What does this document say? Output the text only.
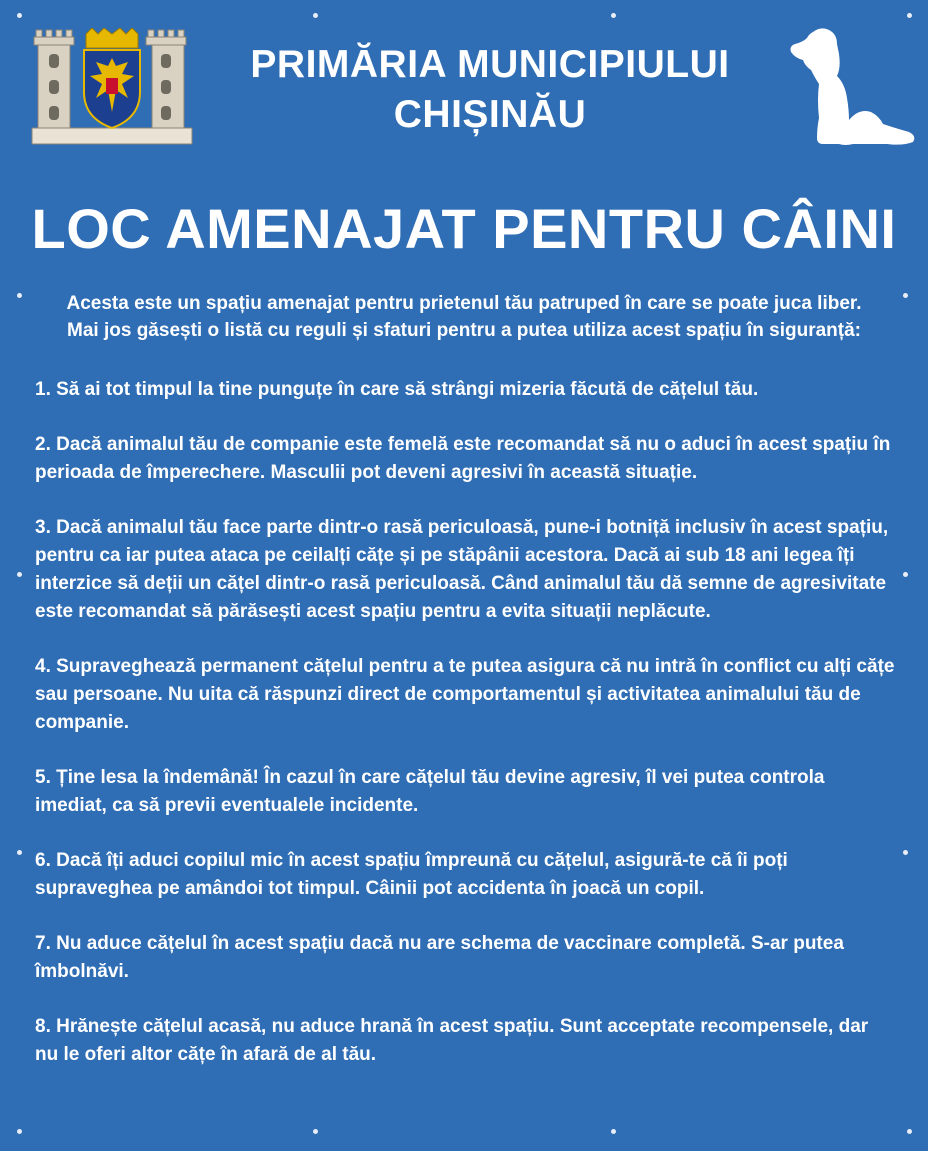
PRIMĂRIA MUNICIPIULUI
CHIȘINĂU
LOC AMENAJAT PENTRU CÂINI
Acesta este un spațiu amenajat pentru prietenul tău patruped în care se poate juca liber.
Mai jos găsești o listă cu reguli și sfaturi pentru a putea utiliza acest spațiu în siguranță:

1. Să ai tot timpul la tine punguțe în care să strângi mizeria făcută de cățelul tău.

2. Dacă animalul tău de companie este femelă este recomandat să nu o aduci în acest spațiu în perioada de împerechere. Masculii pot deveni agresivi în această situație.

3. Dacă animalul tău face parte dintr-o rasă periculoasă, pune-i botniță inclusiv în acest spațiu, pentru ca iar putea ataca pe ceilalți cățe și pe stăpânii acestora. Dacă ai sub 18 ani legea îți interzice să deții un cățel dintr-o rasă periculoasă. Când animalul tău dă semne de agresivitate este recomandat să părăsești acest spațiu pentru a evita situații neplăcute.

4. Supraveghează permanent cățelul pentru a te putea asigura că nu intră în conflict cu alți cățe sau persoane. Nu uita că răspunzi direct de comportamentul și activitatea animalului tău de companie.

5. Ține lesa la îndemână! În cazul în care cățelul tău devine agresiv, îl vei putea controla imediat, ca să previi eventualele incidente.

6. Dacă îți aduci copilul mic în acest spațiu împreună cu cățelul, asigură-te că îi poți supraveghea pe amândoi tot timpul. Câinii pot accidenta în joacă un copil.

7. Nu aduce cățelul în acest spațiu dacă nu are schema de vaccinare completă. S-ar putea îmbolnăvi.

8. Hrănește cățelul acasă, nu aduce hrană în acest spațiu. Sunt acceptate recompensele, dar nu le oferi altor cățe în afară de al tău.
